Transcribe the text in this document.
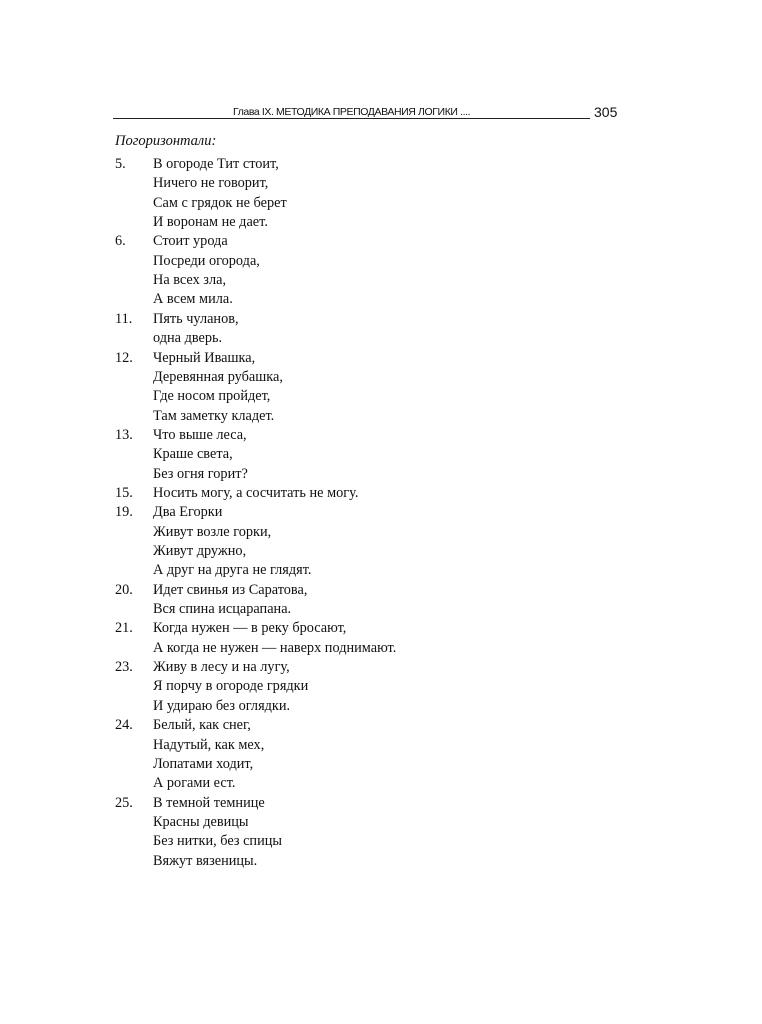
Глава IX. МЕТОДИКА ПРЕПОДАВАНИЯ ЛОГИКИ ....	305
Погоризонтали:
5. В огороде Тит стоит,
Ничего не говорит,
Сам с грядок не берет
И воронам не дает.
6. Стоит урода
Посреди огорода,
На всех зла,
А всем мила.
11. Пять чуланов,
одна дверь.
12. Черный Ивашка,
Деревянная рубашка,
Где носом пройдет,
Там заметку кладет.
13. Что выше леса,
Краше света,
Без огня горит?
15. Носить могу, а сосчитать не могу.
19. Два Егорки
Живут возле горки,
Живут дружно,
А друг на друга не глядят.
20. Идет свинья из Саратова,
Вся спина исцарапана.
21. Когда нужен — в реку бросают,
А когда не нужен — наверх поднимают.
23. Живу в лесу и на лугу,
Я порчу в огороде грядки
И удираю без оглядки.
24. Белый, как снег,
Надутый, как мех,
Лопатами ходит,
А рогами ест.
25. В темной темнице
Красны девицы
Без нитки, без спицы
Вяжут вязеницы.
